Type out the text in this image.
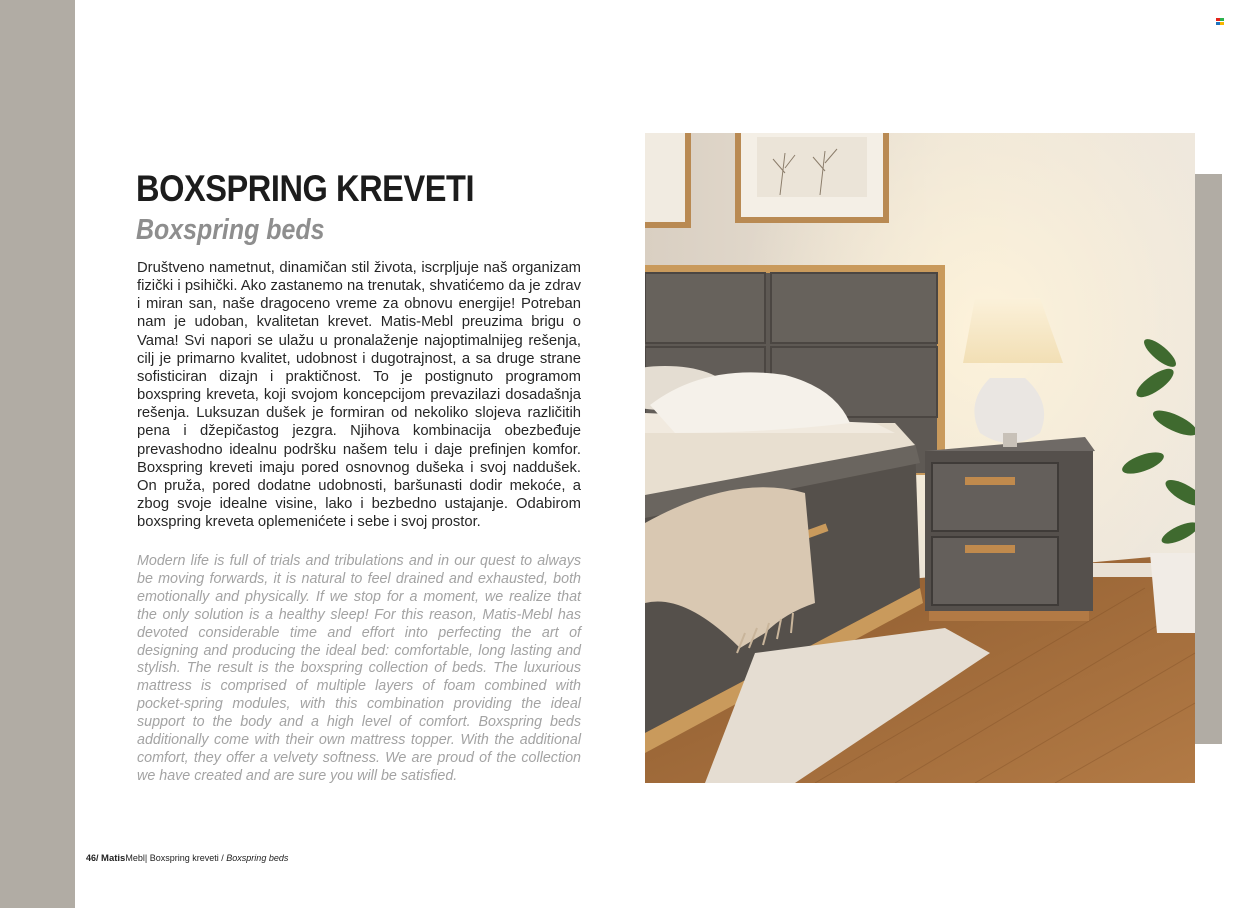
BOXSPRING KREVETI
Boxspring beds

Društveno nametnut, dinamičan stil života, iscrpljuje naš organizam fizički i psihički. Ako zastanemo na trenutak, shvatićemo da je zdrav i miran san, naše dragoceno vreme za obnovu energije! Potreban nam je udoban, kvalitetan krevet. Matis-Mebl preuzima brigu o Vama! Svi napori se ulažu u pronalaženje najoptimalnijeg rešenja, cilj je primarno kvalitet, udobnost i dugotrajnost, a sa druge strane sofisticiran dizajn i praktičnost. To je postignuto programom boxspring kreveta, koji svojom koncepcijom prevazilazi dosadašnja rešenja. Luksuzan dušek je formiran od nekoliko slojeva različitih pena i džepičastog jezgra. Njihova kombinacija obezbeđuje prevashodno idealnu podršku našem telu i daje prefinjen komfor. Boxspring kreveti imaju pored osnovnog dušeka i svoj naddušek. On pruža, pored dodatne udobnosti, baršunasti dodir mekoće, a zbog svoje idealne visine, lako i bezbedno ustajanje. Odabirom boxspring kreveta oplemenićete i sebe i svoj prostor.

Modern life is full of trials and tribulations and in our quest to always be moving forwards, it is natural to feel drained and exhausted, both emotionally and physically. If we stop for a moment, we realize that the only solution is a healthy sleep! For this reason, Matis-Mebl has devoted considerable time and effort into perfecting the art of designing and producing the ideal bed: comfortable, long lasting and stylish. The result is the boxspring collection of beds. The luxurious mattress is comprised of multiple layers of foam combined with pocket-spring modules, with this combination providing the ideal support to the body and a high level of comfort. Boxspring beds additionally come with their own mattress topper. With the additional comfort, they offer a velvety softness. We are proud of the collection we have created and are sure you will be satisfied.

46/ MatisMebl| Boxspring kreveti / Boxspring beds
